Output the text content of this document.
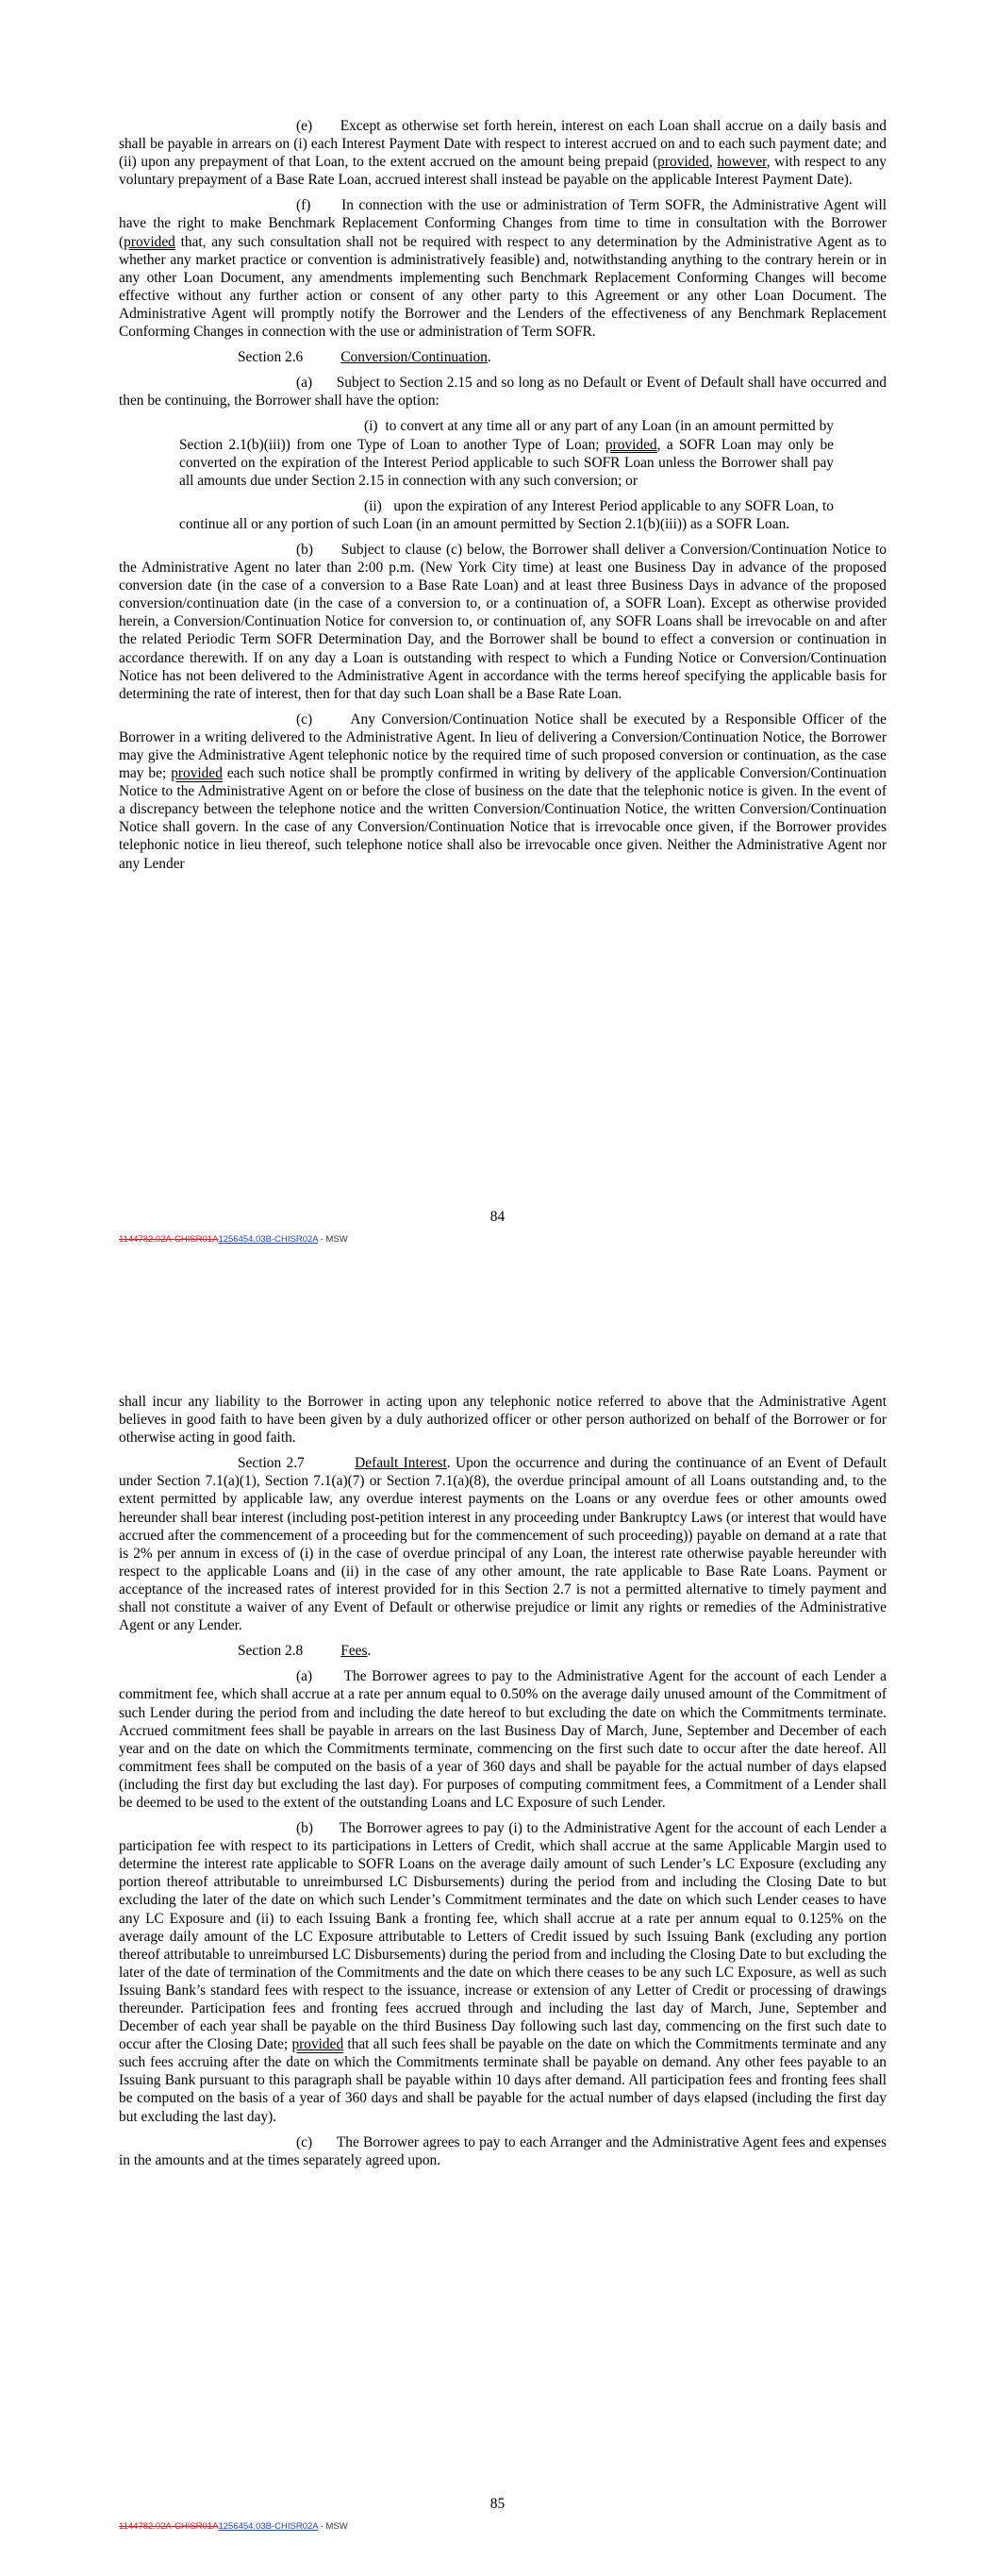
(e) Except as otherwise set forth herein, interest on each Loan shall accrue on a daily basis and shall be payable in arrears on (i) each Interest Payment Date with respect to interest accrued on and to each such payment date; and (ii) upon any prepayment of that Loan, to the extent accrued on the amount being prepaid (provided, however, with respect to any voluntary prepayment of a Base Rate Loan, accrued interest shall instead be payable on the applicable Interest Payment Date).

(f) In connection with the use or administration of Term SOFR, the Administrative Agent will have the right to make Benchmark Replacement Conforming Changes from time to time in consultation with the Borrower (provided that, any such consultation shall not be required with respect to any determination by the Administrative Agent as to whether any market practice or convention is administratively feasible) and, notwithstanding anything to the contrary herein or in any other Loan Document, any amendments implementing such Benchmark Replacement Conforming Changes will become effective without any further action or consent of any other party to this Agreement or any other Loan Document. The Administrative Agent will promptly notify the Borrower and the Lenders of the effectiveness of any Benchmark Replacement Conforming Changes in connection with the use or administration of Term SOFR.

Section 2.6	Conversion/Continuation.

(a) Subject to Section 2.15 and so long as no Default or Event of Default shall have occurred and then be continuing, the Borrower shall have the option:

(i) to convert at any time all or any part of any Loan (in an amount permitted by Section 2.1(b)(iii)) from one Type of Loan to another Type of Loan; provided, a SOFR Loan may only be converted on the expiration of the Interest Period applicable to such SOFR Loan unless the Borrower shall pay all amounts due under Section 2.15 in connection with any such conversion; or

(ii) upon the expiration of any Interest Period applicable to any SOFR Loan, to continue all or any portion of such Loan (in an amount permitted by Section 2.1(b)(iii)) as a SOFR Loan.

(b) Subject to clause (c) below, the Borrower shall deliver a Conversion/Continuation Notice to the Administrative Agent no later than 2:00 p.m. (New York City time) at least one Business Day in advance of the proposed conversion date (in the case of a conversion to a Base Rate Loan) and at least three Business Days in advance of the proposed conversion/continuation date (in the case of a conversion to, or a continuation of, a SOFR Loan). Except as otherwise provided herein, a Conversion/Continuation Notice for conversion to, or continuation of, any SOFR Loans shall be irrevocable on and after the related Periodic Term SOFR Determination Day, and the Borrower shall be bound to effect a conversion or continuation in accordance therewith. If on any day a Loan is outstanding with respect to which a Funding Notice or Conversion/Continuation Notice has not been delivered to the Administrative Agent in accordance with the terms hereof specifying the applicable basis for determining the rate of interest, then for that day such Loan shall be a Base Rate Loan.

(c)	Any Conversion/Continuation Notice shall be executed by a Responsible Officer of the Borrower in a writing delivered to the Administrative Agent. In lieu of delivering a Conversion/Continuation Notice, the Borrower may give the Administrative Agent telephonic notice by the required time of such proposed conversion or continuation, as the case may be; provided each such notice shall be promptly confirmed in writing by delivery of the applicable Conversion/Continuation Notice to the Administrative Agent on or before the close of business on the date that the telephonic notice is given. In the event of a discrepancy between the telephone notice and the written Conversion/Continuation Notice, the written Conversion/Continuation Notice shall govern. In the case of any Conversion/Continuation Notice that is irrevocable once given, if the Borrower provides telephonic notice in lieu thereof, such telephone notice shall also be irrevocable once given. Neither the Administrative Agent nor any Lender

84
1144782.02A-CHISR01A1256454.03B-CHISR02A - MSW

shall incur any liability to the Borrower in acting upon any telephonic notice referred to above that the Administrative Agent believes in good faith to have been given by a duly authorized officer or other person authorized on behalf of the Borrower or for otherwise acting in good faith.

Section 2.7	Default Interest. Upon the occurrence and during the continuance of an Event of Default under Section 7.1(a)(1), Section 7.1(a)(7) or Section 7.1(a)(8), the overdue principal amount of all Loans outstanding and, to the extent permitted by applicable law, any overdue interest payments on the Loans or any overdue fees or other amounts owed hereunder shall bear interest (including post-petition interest in any proceeding under Bankruptcy Laws (or interest that would have accrued after the commencement of a proceeding but for the commencement of such proceeding)) payable on demand at a rate that is 2% per annum in excess of (i) in the case of overdue principal of any Loan, the interest rate otherwise payable hereunder with respect to the applicable Loans and (ii) in the case of any other amount, the rate applicable to Base Rate Loans. Payment or acceptance of the increased rates of interest provided for in this Section 2.7 is not a permitted alternative to timely payment and shall not constitute a waiver of any Event of Default or otherwise prejudice or limit any rights or remedies of the Administrative Agent or any Lender.

Section 2.8	Fees.

(a) The Borrower agrees to pay to the Administrative Agent for the account of each Lender a commitment fee, which shall accrue at a rate per annum equal to 0.50% on the average daily unused amount of the Commitment of such Lender during the period from and including the date hereof to but excluding the date on which the Commitments terminate. Accrued commitment fees shall be payable in arrears on the last Business Day of March, June, September and December of each year and on the date on which the Commitments terminate, commencing on the first such date to occur after the date hereof. All commitment fees shall be computed on the basis of a year of 360 days and shall be payable for the actual number of days elapsed (including the first day but excluding the last day). For purposes of computing commitment fees, a Commitment of a Lender shall be deemed to be used to the extent of the outstanding Loans and LC Exposure of such Lender.

(b) The Borrower agrees to pay (i) to the Administrative Agent for the account of each Lender a participation fee with respect to its participations in Letters of Credit, which shall accrue at the same Applicable Margin used to determine the interest rate applicable to SOFR Loans on the average daily amount of such Lender’s LC Exposure (excluding any portion thereof attributable to unreimbursed LC Disbursements) during the period from and including the Closing Date to but excluding the later of the date on which such Lender’s Commitment terminates and the date on which such Lender ceases to have any LC Exposure and (ii) to each Issuing Bank a fronting fee, which shall accrue at a rate per annum equal to 0.125% on the average daily amount of the LC Exposure attributable to Letters of Credit issued by such Issuing Bank (excluding any portion thereof attributable to unreimbursed LC Disbursements) during the period from and including the Closing Date to but excluding the later of the date of termination of the Commitments and the date on which there ceases to be any such LC Exposure, as well as such Issuing Bank’s standard fees with respect to the issuance, increase or extension of any Letter of Credit or processing of drawings thereunder. Participation fees and fronting fees accrued through and including the last day of March, June, September and December of each year shall be payable on the third Business Day following such last day, commencing on the first such date to occur after the Closing Date; provided that all such fees shall be payable on the date on which the Commitments terminate and any such fees accruing after the date on which the Commitments terminate shall be payable on demand. Any other fees payable to an Issuing Bank pursuant to this paragraph shall be payable within 10 days after demand. All participation fees and fronting fees shall be computed on the basis of a year of 360 days and shall be payable for the actual number of days elapsed (including the first day but excluding the last day).

(c) The Borrower agrees to pay to each Arranger and the Administrative Agent fees and expenses in the amounts and at the times separately agreed upon.

85
1144782.02A-CHISR01A1256454.03B-CHISR02A - MSW
